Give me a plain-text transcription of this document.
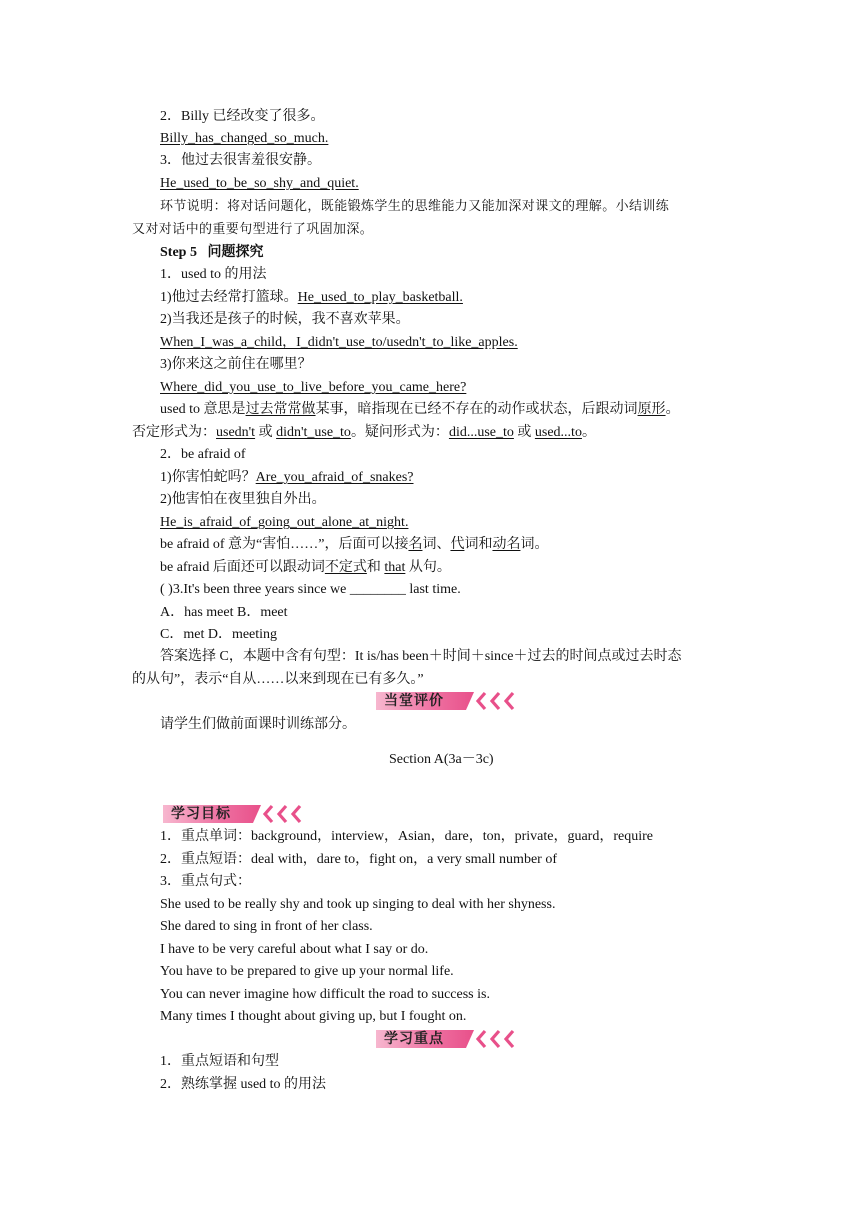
2．Billy 已经改变了很多。
Billy_has_changed_so_much.
3．他过去很害羞很安静。
He_used_to_be_so_shy_and_quiet.
环节说明：将对话问题化，既能锻炼学生的思维能力又能加深对课文的理解。小结训练
又对对话中的重要句型进行了巩固加深。
Step 5 问题探究
1．used to 的用法
1)他过去经常打篮球。He_used_to_play_basketball.
2)当我还是孩子的时候，我不喜欢苹果。
When_I_was_a_child，I_didn't_use_to/usedn't_to_like_apples.
3)你来这之前住在哪里？
Where_did_you_use_to_live_before_you_came_here?
used to 意思是过去常常做某事，暗指现在已经不存在的动作或状态，后跟动词原形。
否定形式为：usedn't 或 didn't_use_to。疑问形式为：did...use_to 或 used...to。
2．be afraid of
1)你害怕蛇吗？Are_you_afraid_of_snakes?
2)他害怕在夜里独自外出。
He_is_afraid_of_going_out_alone_at_night.
be afraid of 意为“害怕……”，后面可以接名词、代词和动名词。
be afraid 后面还可以跟动词不定式和 that 从句。
( )3.It's been three years since we ________ last time.
A．has meet B．meet
C．met D．meeting
答案选择 C，本题中含有句型：It is/has been＋时间＋since＋过去的时间点或过去时态
的从句”，表示“自从……以来到现在已有多久。”
当堂评价
请学生们做前面课时训练部分。
Section A(3a－3c)
学习目标
1．重点单词：background，interview，Asian，dare，ton，private，guard，require
2．重点短语：deal with，dare to，fight on，a very small number of
3．重点句式：
She used to be really shy and took up singing to deal with her shyness.
She dared to sing in front of her class.
I have to be very careful about what I say or do.
You have to be prepared to give up your normal life.
You can never imagine how difficult the road to success is.
Many times I thought about giving up, but I fought on.
学习重点
1．重点短语和句型
2．熟练掌握 used to 的用法
